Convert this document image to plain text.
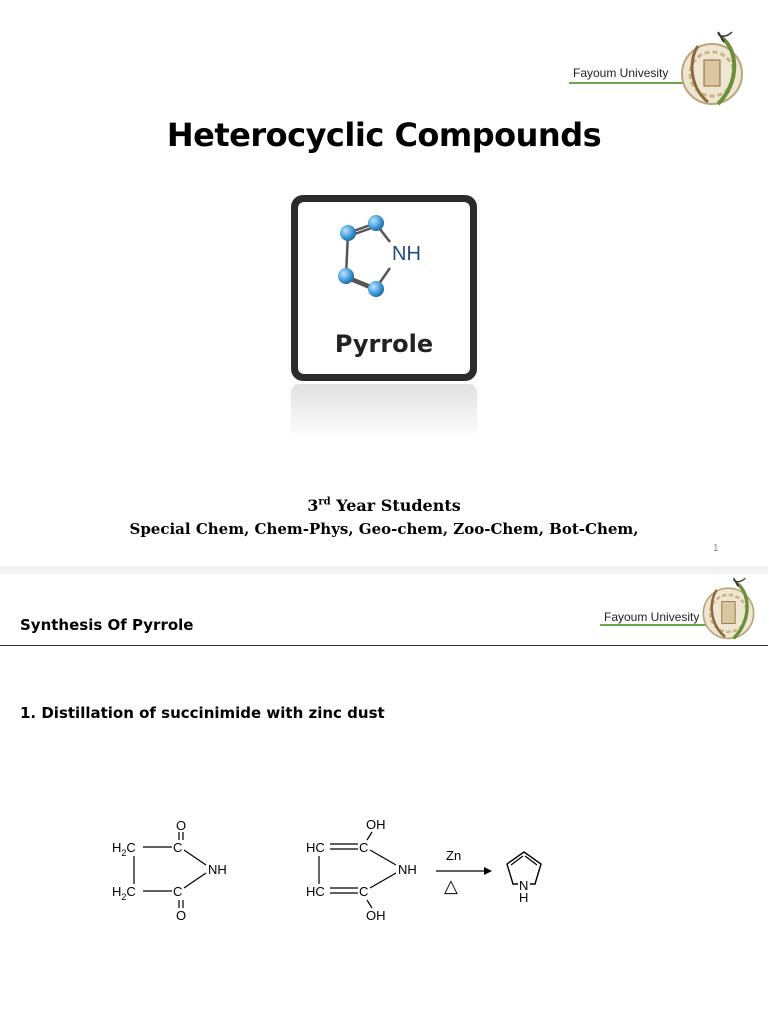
Fayoum Univesity
Heterocyclic Compounds
NH
Pyrrole
3rd Year Students
Special Chem, Chem-Phys, Geo-chem, Zoo-Chem, Bot-Chem,
1
Synthesis Of Pyrrole	Fayoum Univesity
1. Distillation of succinimide with zinc dust
$H_2C$
$H_2C$
C
C
O
O
NH
HC
HC
C
C
OH
OH
NH
Zn
△	N
H
